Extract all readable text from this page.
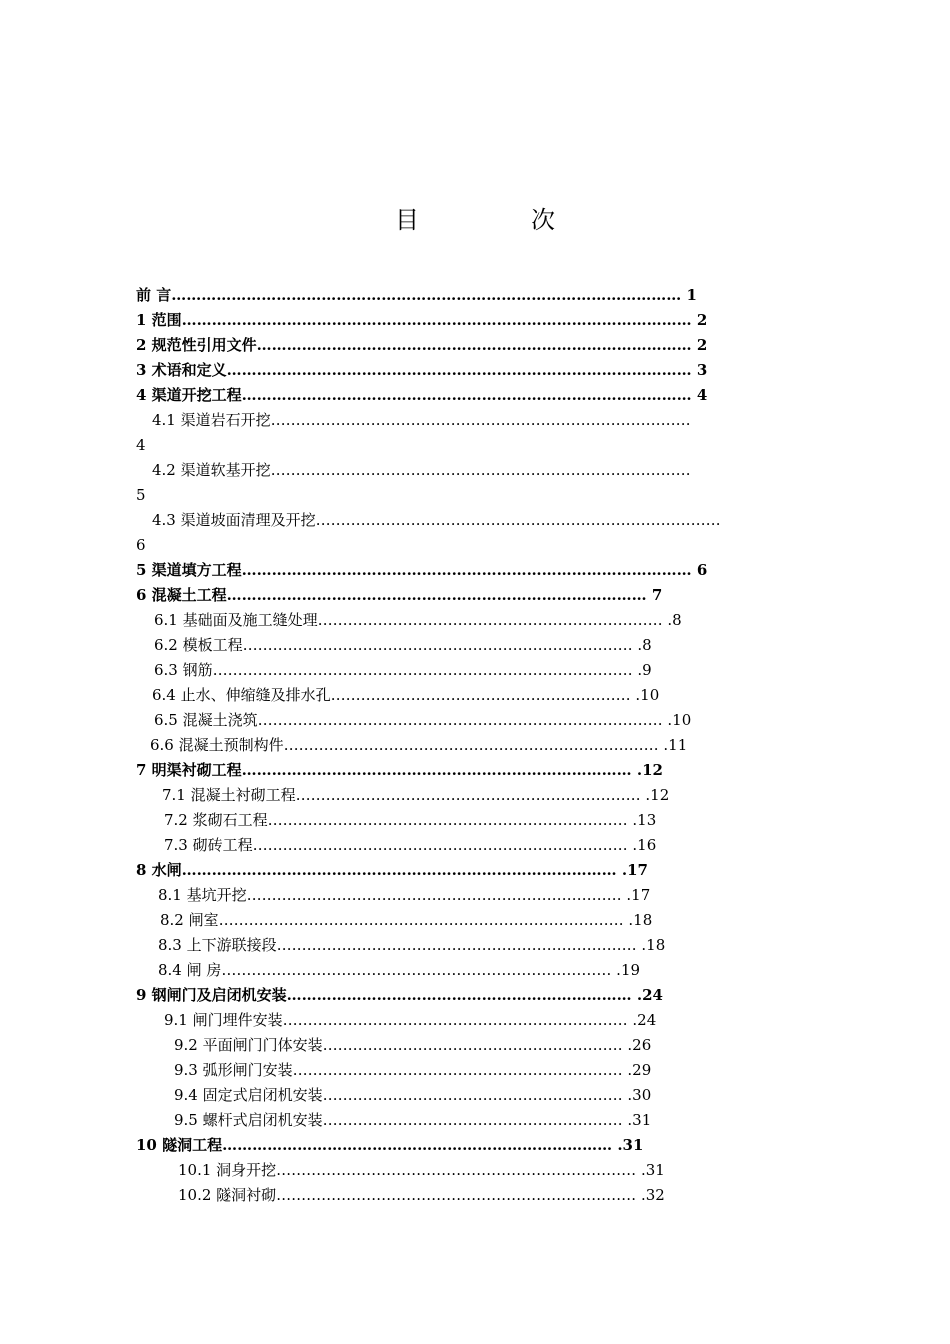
目　次
前 言………………………………………………………………………………………… 1
1 范围………………………………………………………………………………………… 2
2 规范性引用文件…………………………………………………………………………… 2
3 术语和定义………………………………………………………………………………… 3
4 渠道开挖工程……………………………………………………………………………… 4
4.1 渠道岩石开挖…………………………………………………………………………
4
4.2 渠道软基开挖…………………………………………………………………………
5
4.3 渠道坡面清理及开挖………………………………………………………………………
6
5 渠道填方工程……………………………………………………………………………… 6
6 混凝土工程………………………………………………………………………… 7
6.1 基础面及施工缝处理…………………………………………………………… .8
6.2 模板工程…………………………………………………………………… .8
6.3 钢筋………………………………………………………………………… .9
6.4 止水、伸缩缝及排水孔…………………………………………………… .10
6.5 混凝土浇筑……………………………………………………………………… .10
6.6 混凝土预制构件………………………………………………………………… .11
7 明渠衬砌工程…………………………………………………………………… .12
7.1 混凝土衬砌工程…………………………………………………………… .12
7.2 浆砌石工程……………………………………………………………… .13
7.3 砌砖工程………………………………………………………………… .16
8 水闸…………………………………………………………………………… .17
8.1 基坑开挖………………………………………………………………… .17
8.2 闸室……………………………………………………………………… .18
8.3 上下游联接段……………………………………………………………… .18
8.4 闸 房…………………………………………………………………… .19
9 钢闸门及启闭机安装…………………………………………………………… .24
9.1 闸门埋件安装…………………………………………………………… .24
9.2 平面闸门门体安装…………………………………………………… .26
9.3 弧形闸门安装………………………………………………………… .29
9.4 固定式启闭机安装…………………………………………………… .30
9.5 螺杆式启闭机安装…………………………………………………… .31
10 隧洞工程…………………………………………………………………… .31
10.1 洞身开挖……………………………………………………………… .31
10.2 隧洞衬砌……………………………………………………………… .32
